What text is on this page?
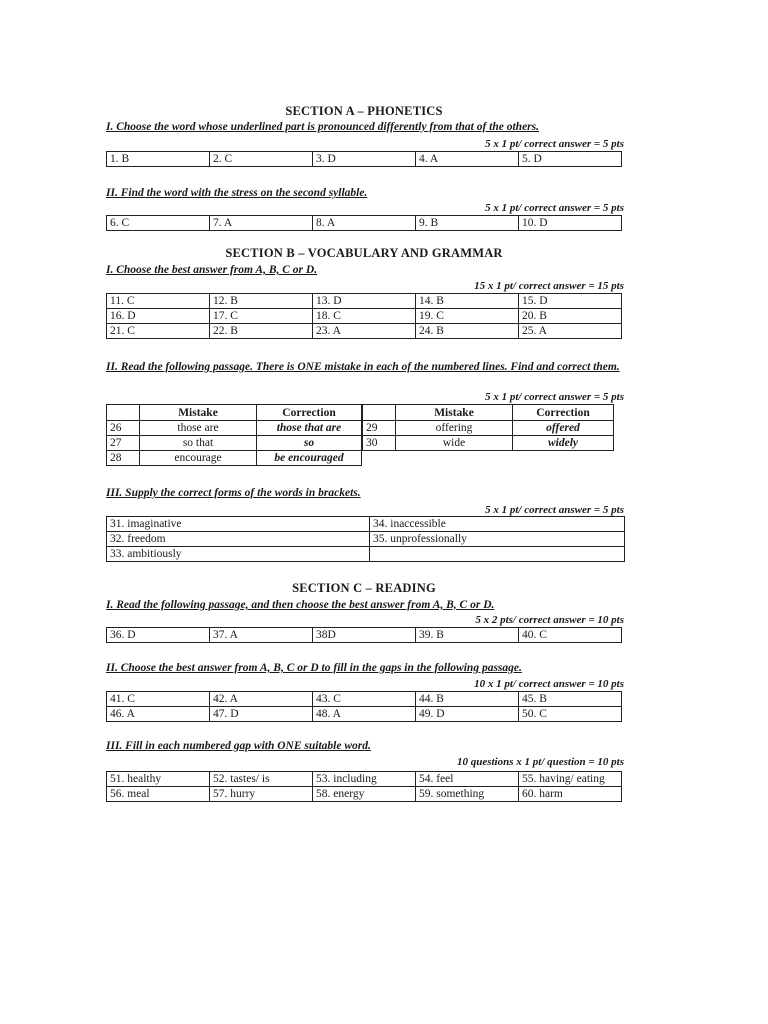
SECTION A – PHONETICS
I. Choose the word whose underlined part is pronounced differently from that of the others.
5 x 1 pt/ correct answer = 5 pts
1. B	2. C	3. D	4. A	5. D
II. Find the word with the stress on the second syllable.
5 x 1 pt/ correct answer = 5 pts
6. C	7. A	8. A	9. B	10. D
SECTION B – VOCABULARY AND GRAMMAR
I. Choose the best answer from A, B, C or D.
15 x 1 pt/ correct answer = 15 pts
11. C	12. B	13. D	14. B	15. D
16. D	17. C	18. C	19. C	20. B
21. C	22. B	23. A	24. B	25. A
II. Read the following passage. There is ONE mistake in each of the numbered lines. Find and correct them.
5 x 1 pt/ correct answer = 5 pts
	Mistake	Correction
26	those are	those that are
27	so that	so
28	encourage	be encouraged
	Mistake	Correction
29	offering	offered
30	wide	widely
III. Supply the correct forms of the words in brackets.
5 x 1 pt/ correct answer = 5 pts
31. imaginative	34. inaccessible
32. freedom	35. unprofessionally
33. ambitiously	
SECTION C – READING
I. Read the following passage, and then choose the best answer from A, B, C or D.
5 x 2 pts/ correct answer = 10 pts
36. D	37. A	38D	39. B	40. C
II. Choose the best answer from A, B, C or D to fill in the gaps in the following passage.
10 x 1 pt/ correct answer = 10 pts
41. C	42. A	43. C	44. B	45. B
46. A	47. D	48. A	49. D	50. C
III. Fill in each numbered gap with ONE suitable word.
10 questions x 1 pt/ question = 10 pts
51. healthy	52. tastes/ is	53. including	54. feel	55. having/ eating
56. meal	57. hurry	58. energy	59. something	60. harm
